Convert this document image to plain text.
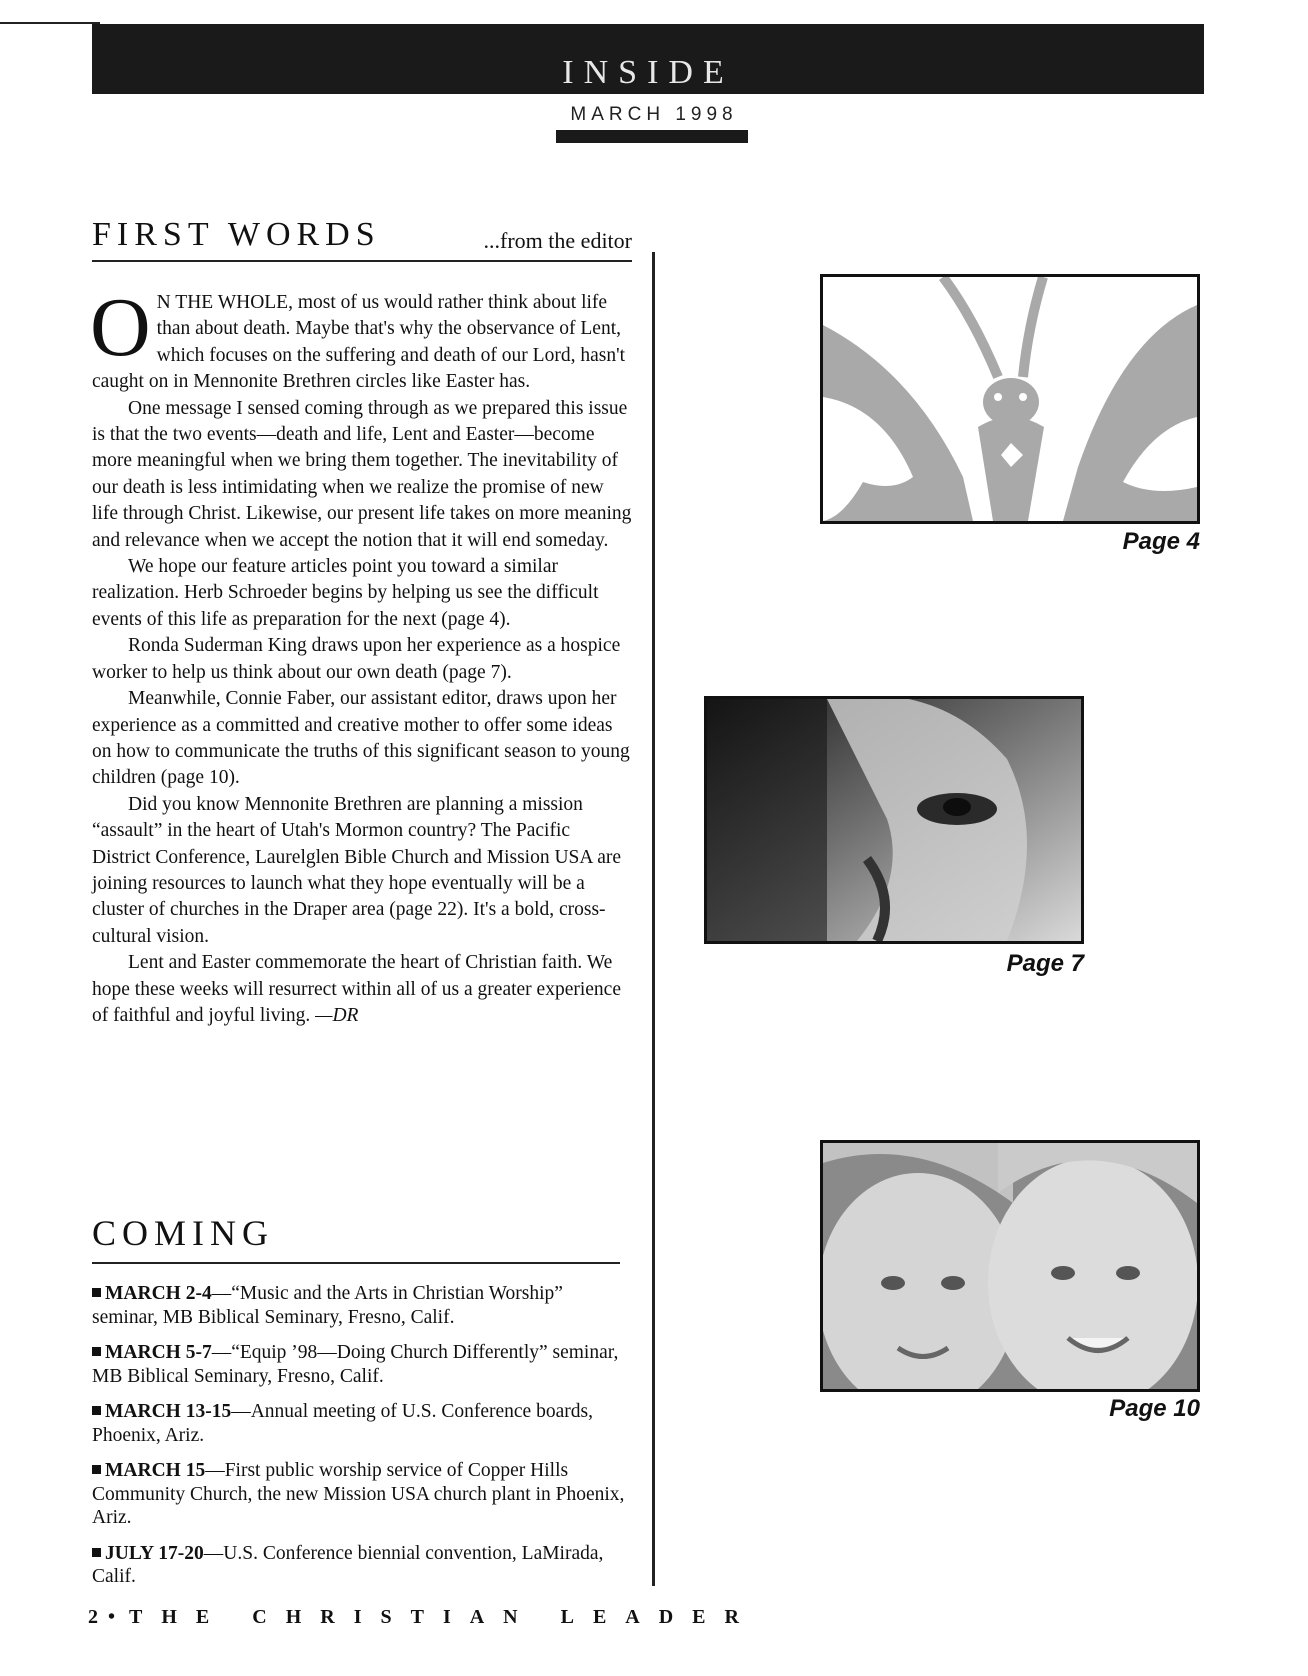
INSIDE
MARCH 1998
FIRST WORDS	...from the editor

O N THE WHOLE, most of us would rather think about life than about death. Maybe that's why the observance of Lent, which focuses on the suffering and death of our Lord, hasn't caught on in Mennonite Brethren circles like Easter has.

One message I sensed coming through as we prepared this issue is that the two events—death and life, Lent and Easter—become more meaningful when we bring them together. The inevitability of our death is less intimidating when we realize the promise of new life through Christ. Likewise, our present life takes on more meaning and relevance when we accept the notion that it will end someday.

We hope our feature articles point you toward a similar realization. Herb Schroeder begins by helping us see the difficult events of this life as preparation for the next (page 4).

Ronda Suderman King draws upon her experience as a hospice worker to help us think about our own death (page 7).

Meanwhile, Connie Faber, our assistant editor, draws upon her experience as a committed and creative mother to offer some ideas on how to communicate the truths of this significant season to young children (page 10).

Did you know Mennonite Brethren are planning a mission “assault” in the heart of Utah's Mormon country? The Pacific District Conference, Laurelglen Bible Church and Mission USA are joining resources to launch what they hope eventually will be a cluster of churches in the Draper area (page 22). It's a bold, cross-cultural vision.

Lent and Easter commemorate the heart of Christian faith. We hope these weeks will resurrect within all of us a greater experience of faithful and joyful living. —DR

COMING
MARCH 2-4—“Music and the Arts in Christian Worship” seminar, MB Biblical Seminary, Fresno, Calif.
MARCH 5-7—“Equip ’98—Doing Church Differently” seminar, MB Biblical Seminary, Fresno, Calif.
MARCH 13-15—Annual meeting of U.S. Conference boards, Phoenix, Ariz.
MARCH 15—First public worship service of Copper Hills Community Church, the new Mission USA church plant in Phoenix, Ariz.
JULY 17-20—U.S. Conference biennial convention, LaMirada, Calif.
2 • THE CHRISTIAN LEADER
Page 4
Page 7
Page 10
